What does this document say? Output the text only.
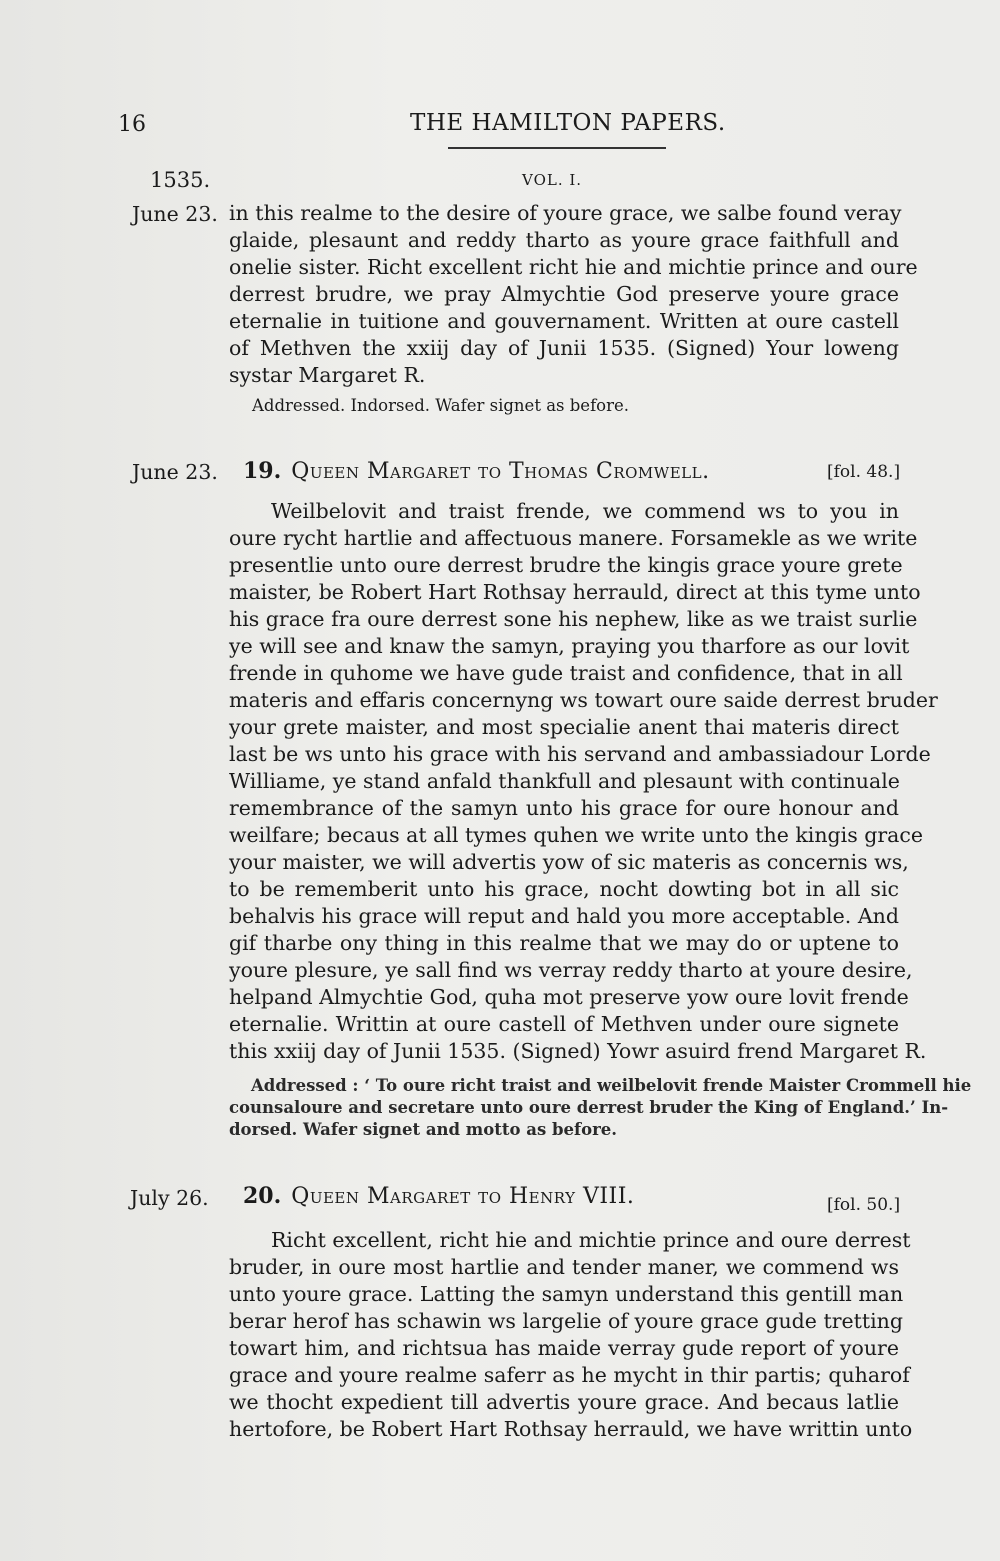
16	THE HAMILTON PAPERS.
1535.	VOL. I.
June 23. in this realme to the desire of youre grace, we salbe found veray
glaide, plesaunt and reddy tharto as youre grace faithfull and
onelie sister. Richt excellent richt hie and michtie prince and oure
derrest brudre, we pray Almychtie God preserve youre grace
eternalie in tuitione and gouvernament. Written at oure castell
of Methven the xxiij day of Junii 1535. (Signed) Your loweng
systar Margaret R.
Addressed. Indorsed. Wafer signet as before.
June 23. 19. Queen Margaret to Thomas Cromwell.	[fol. 48.]
Weilbelovit and traist frende, we commend ws to you in
oure rycht hartlie and affectuous manere. Forsamekle as we write
presentlie unto oure derrest brudre the kingis grace youre grete
maister, be Robert Hart Rothsay herrauld, direct at this tyme unto
his grace fra oure derrest sone his nephew, like as we traist surlie
ye will see and knaw the samyn, praying you tharfore as our lovit
frende in quhome we have gude traist and confidence, that in all
materis and effaris concernyng ws towart oure saide derrest bruder
your grete maister, and most specialie anent thai materis direct
last be ws unto his grace with his servand and ambassiadour Lorde
Williame, ye stand anfald thankfull and plesaunt with continuale
remembrance of the samyn unto his grace for oure honour and
weilfare; becaus at all tymes quhen we write unto the kingis grace
your maister, we will advertis yow of sic materis as concernis ws,
to be rememberit unto his grace, nocht dowting bot in all sic
behalvis his grace will reput and hald you more acceptable. And
gif tharbe ony thing in this realme that we may do or uptene to
youre plesure, ye sall find ws verray reddy tharto at youre desire,
helpand Almychtie God, quha mot preserve yow oure lovit frende
eternalie. Writtin at oure castell of Methven under oure signete
this xxiij day of Junii 1535. (Signed) Yowr asuird frend Margaret R.
Addressed : ‘ To oure richt traist and weilbelovit frende Maister Crommell hie
counsaloure and secretare unto oure derrest bruder the King of England.’ In-
dorsed. Wafer signet and motto as before.
July 26. 20. Queen Margaret to Henry VIII.	[fol. 50.]
Richt excellent, richt hie and michtie prince and oure derrest
bruder, in oure most hartlie and tender maner, we commend ws
unto youre grace. Latting the samyn understand this gentill man
berar herof has schawin ws largelie of youre grace gude tretting
towart him, and richtsua has maide verray gude report of youre
grace and youre realme saferr as he mycht in thir partis; quharof
we thocht expedient till advertis youre grace. And becaus latlie
hertofore, be Robert Hart Rothsay herrauld, we have writtin unto
